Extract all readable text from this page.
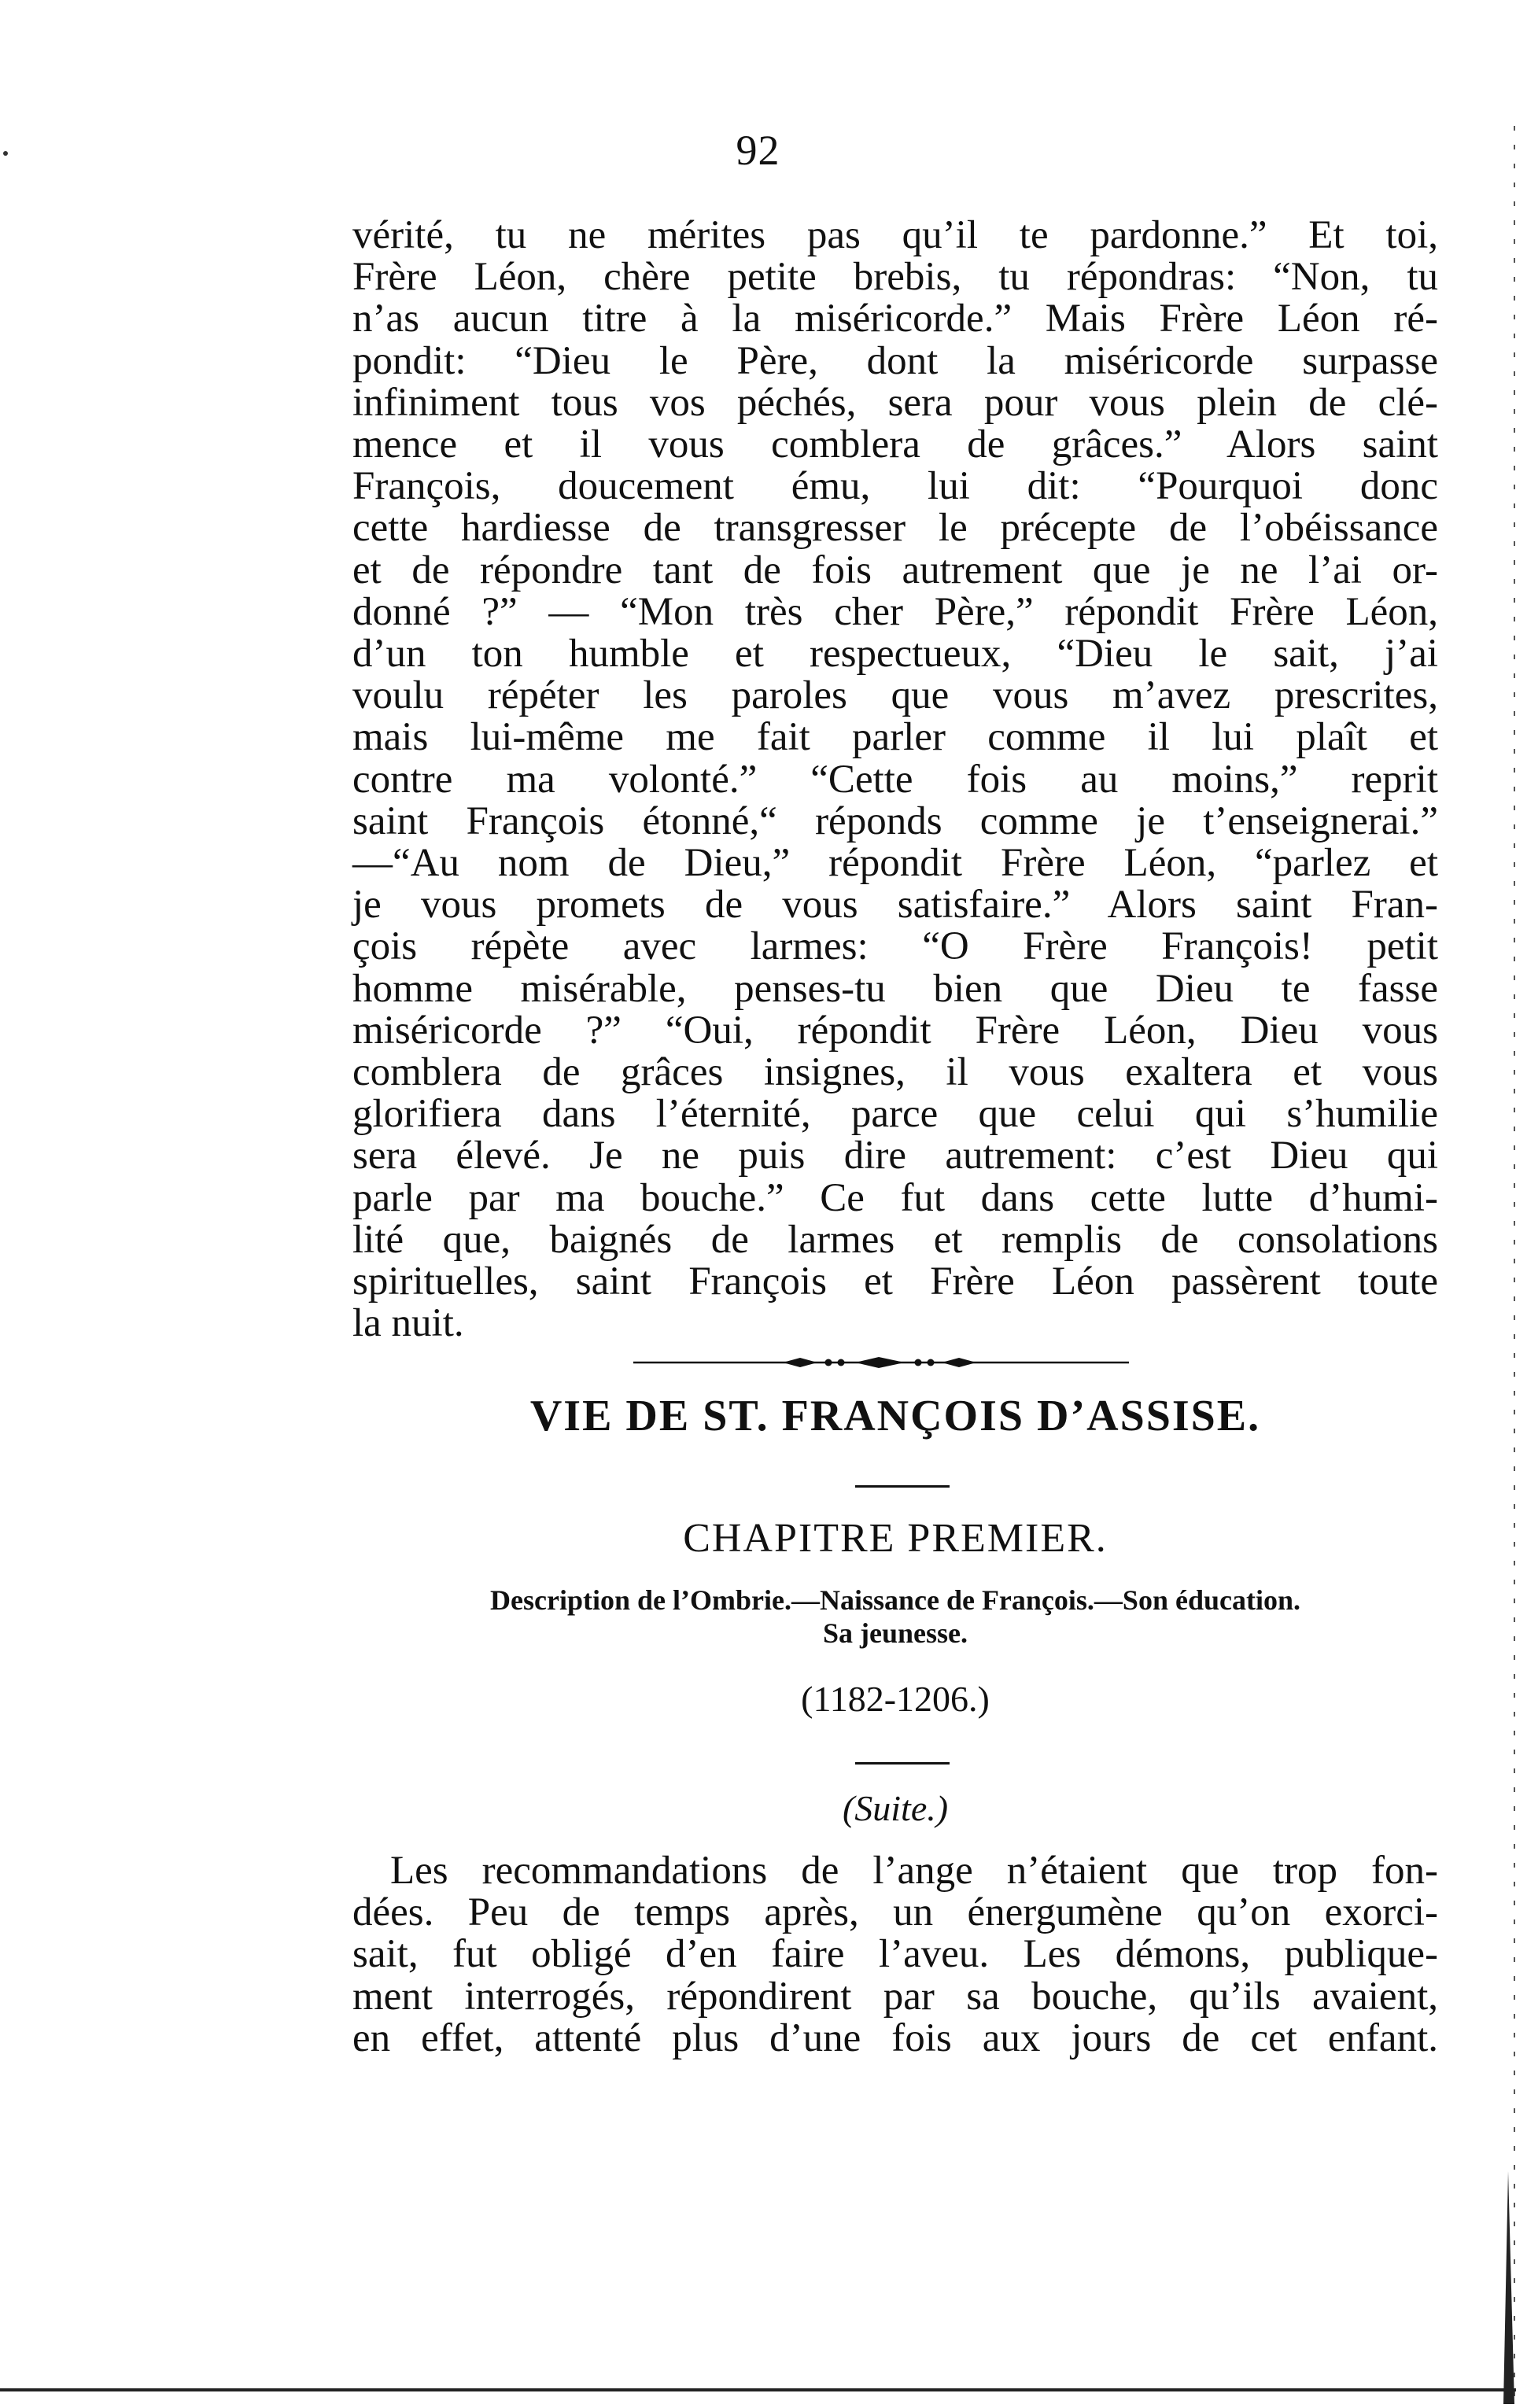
92

vérité, tu ne mérites pas qu’il te pardonne.” Et toi,

Frère Léon, chère petite brebis, tu répondras: “Non, tu

n’as aucun titre à la miséricorde.” Mais Frère Léon ré-

pondit: “Dieu le Père, dont la miséricorde surpasse

infiniment tous vos péchés, sera pour vous plein de clé-

mence et il vous comblera de grâces.” Alors saint

François, doucement ému, lui dit: “Pourquoi donc

cette hardiesse de transgresser le précepte de l’obéissance

et de répondre tant de fois autrement que je ne l’ai or-

donné ?” — “Mon très cher Père,” répondit Frère Léon,

d’un ton humble et respectueux, “Dieu le sait, j’ai

voulu répéter les paroles que vous m’avez prescrites,

mais lui-même me fait parler comme il lui plaît et

contre ma volonté.” “Cette fois au moins,” reprit

saint François étonné,“ réponds comme je t’enseignerai.”

—“Au nom de Dieu,” répondit Frère Léon, “parlez et

je vous promets de vous satisfaire.” Alors saint Fran-

çois répète avec larmes: “O Frère François! petit

homme misérable, penses-tu bien que Dieu te fasse

miséricorde ?” “Oui, répondit Frère Léon, Dieu vous

comblera de grâces insignes, il vous exaltera et vous

glorifiera dans l’éternité, parce que celui qui s’humilie

sera élevé. Je ne puis dire autrement: c’est Dieu qui

parle par ma bouche.” Ce fut dans cette lutte d’humi-

lité que, baignés de larmes et remplis de consolations

spirituelles, saint François et Frère Léon passèrent toute

la nuit.

VIE DE ST. FRANÇOIS D’ASSISE.
CHAPITRE PREMIER.
Description de l’Ombrie.—Naissance de François.—Son éducation.
Sa jeunesse.
(1182-1206.)
(Suite.)

Les recommandations de l’ange n’étaient que trop fon-

dées. Peu de temps après, un énergumène qu’on exorci-

sait, fut obligé d’en faire l’aveu. Les démons, publique-

ment interrogés, répondirent par sa bouche, qu’ils avaient,

en effet, attenté plus d’une fois aux jours de cet enfant.
